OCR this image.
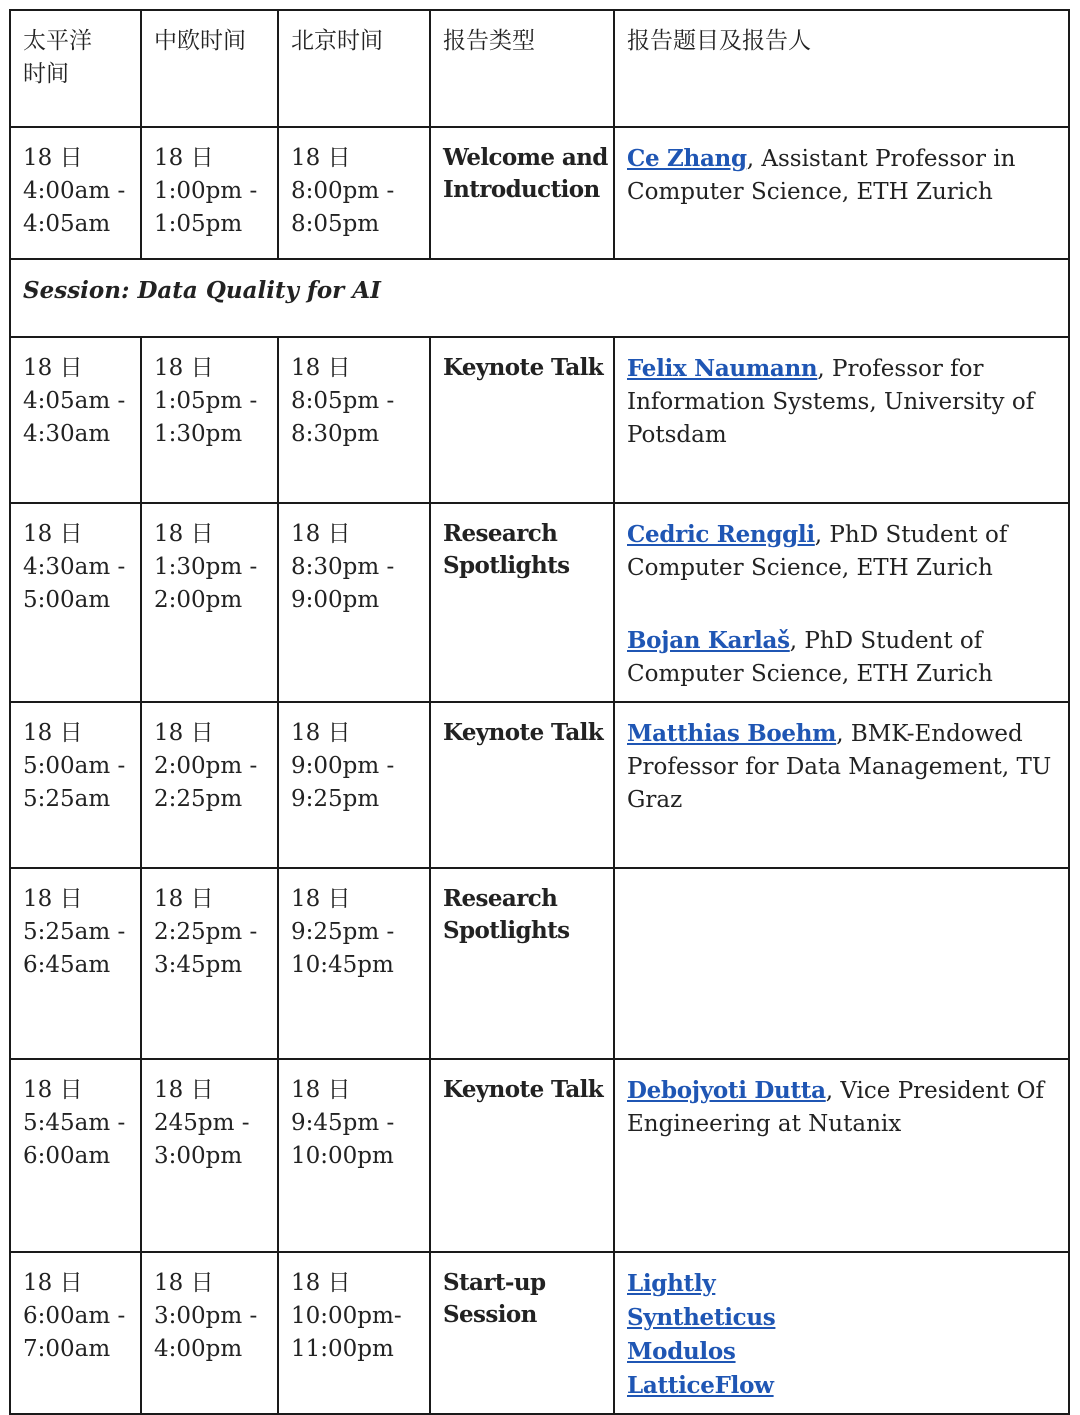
太平洋
时间	中欧时间	北京时间	报告类型	报告题目及报告人

18 日
4:00am -
4:05am	18 日
1:00pm -
1:05pm	18 日
8:00pm -
8:05pm	Welcome and
Introduction	Ce Zhang, Assistant Professor in Computer Science, ETH Zurich

Session: Data Quality for AI				

18 日
4:05am -
4:30am	18 日
1:05pm -
1:30pm	18 日
8:05pm -
8:30pm	Keynote Talk	Felix Naumann, Professor for Information Systems, University of Potsdam

18 日
4:30am -
5:00am	18 日
1:30pm -
2:00pm	18 日
8:30pm -
9:00pm	Research
Spotlights	Cedric Renggli, PhD Student of Computer Science, ETH Zurich
Bojan Karlaš, PhD Student of Computer Science, ETH Zurich

18 日
5:00am -
5:25am	18 日
2:00pm -
2:25pm	18 日
9:00pm -
9:25pm	Keynote Talk	Matthias Boehm, BMK-Endowed Professor for Data Management, TU Graz

18 日
5:25am -
6:45am	18 日
2:25pm -
3:45pm	18 日
9:25pm -
10:45pm	Research
Spotlights	

18 日
5:45am -
6:00am	18 日
245pm -
3:00pm	18 日
9:45pm -
10:00pm	Keynote Talk	Debojyoti Dutta, Vice President Of Engineering at Nutanix

18 日
6:00am -
7:00am	18 日
3:00pm -
4:00pm	18 日
10:00pm-
11:00pm	Start-up
Session	Lightly
Syntheticus
Modulos
LatticeFlow
